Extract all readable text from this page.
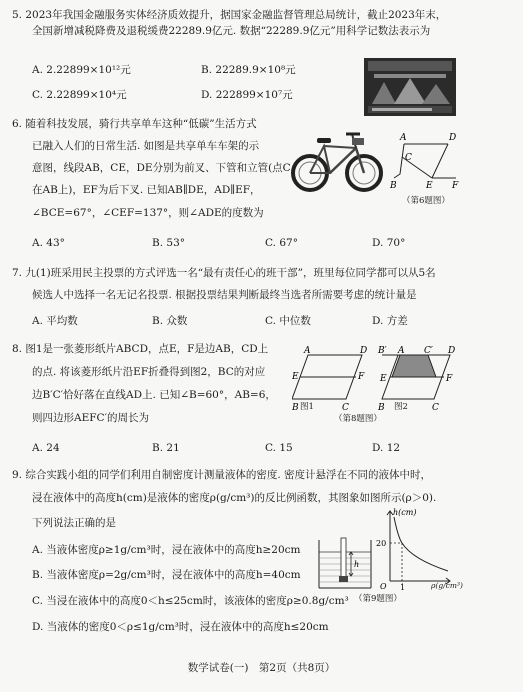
5. 2023年我国金融服务实体经济质效提升，据国家金融监督管理总局统计，截止2023年末，
全国新增减税降费及退税缓费22289.9亿元. 数据“22289.9亿元”用科学记数法表示为
A. 2.22899×10¹²元	B. 22289.9×10⁸元
C. 2.22899×10⁴元	D. 222899×10⁷元
6. 随着科技发展，骑行共享单车这种“低碳”生活方式
已融入人们的日常生活. 如图是共享单车车架的示
意图，线段AB，CE，DE分别为前叉、下管和立管(点C
在AB上)，EF为后下叉. 已知AB∥DE，AD∥EF，
∠BCE=67°，∠CEF=137°，则∠ADE的度数为
A. 43°	B. 53°	C. 67°	D. 70°
A	D
C
B	E F
（第6题图）
7. 九(1)班采用民主投票的方式评选一名“最有责任心的班干部”，班里每位同学都可以从5名
候选人中选择一名无记名投票. 根据投票结果判断最终当选者所需要考虑的统计量是
A. 平均数	B. 众数	C. 中位数	D. 方差
8. 图1是一张菱形纸片ABCD，点E，F是边AB，CD上
的点. 将该菱形纸片沿EF折叠得到图2，BC的对应
边B′C′恰好落在直线AD上. 已知∠B=60°，AB=6，
则四边形AEFC′的周长为
A. 24	B. 21	C. 15	D. 12
A	D
E	F
B	C
图1
B′ A C′ D
E	F
B	C
图2
（第8题图）
9. 综合实践小组的同学们利用自制密度计测量液体的密度. 密度计悬浮在不同的液体中时，
浸在液体中的高度h(cm)是液体的密度ρ(g/cm³)的反比例函数，其图象如图所示(ρ＞0).
下列说法正确的是
A. 当液体密度ρ≥1g/cm³时，浸在液体中的高度h≥20cm
B. 当液体密度ρ=2g/cm³时，浸在液体中的高度h=40cm
C. 当浸在液体中的高度0＜h≤25cm时，该液体的密度ρ≥0.8g/cm³
D. 当液体的密度0＜ρ≤1g/cm³时，浸在液体中的高度h≤20cm
h
h(cm)
20
O 1	ρ(g/cm³)
（第9题图）
数学试卷(一)　第2页（共8页）
